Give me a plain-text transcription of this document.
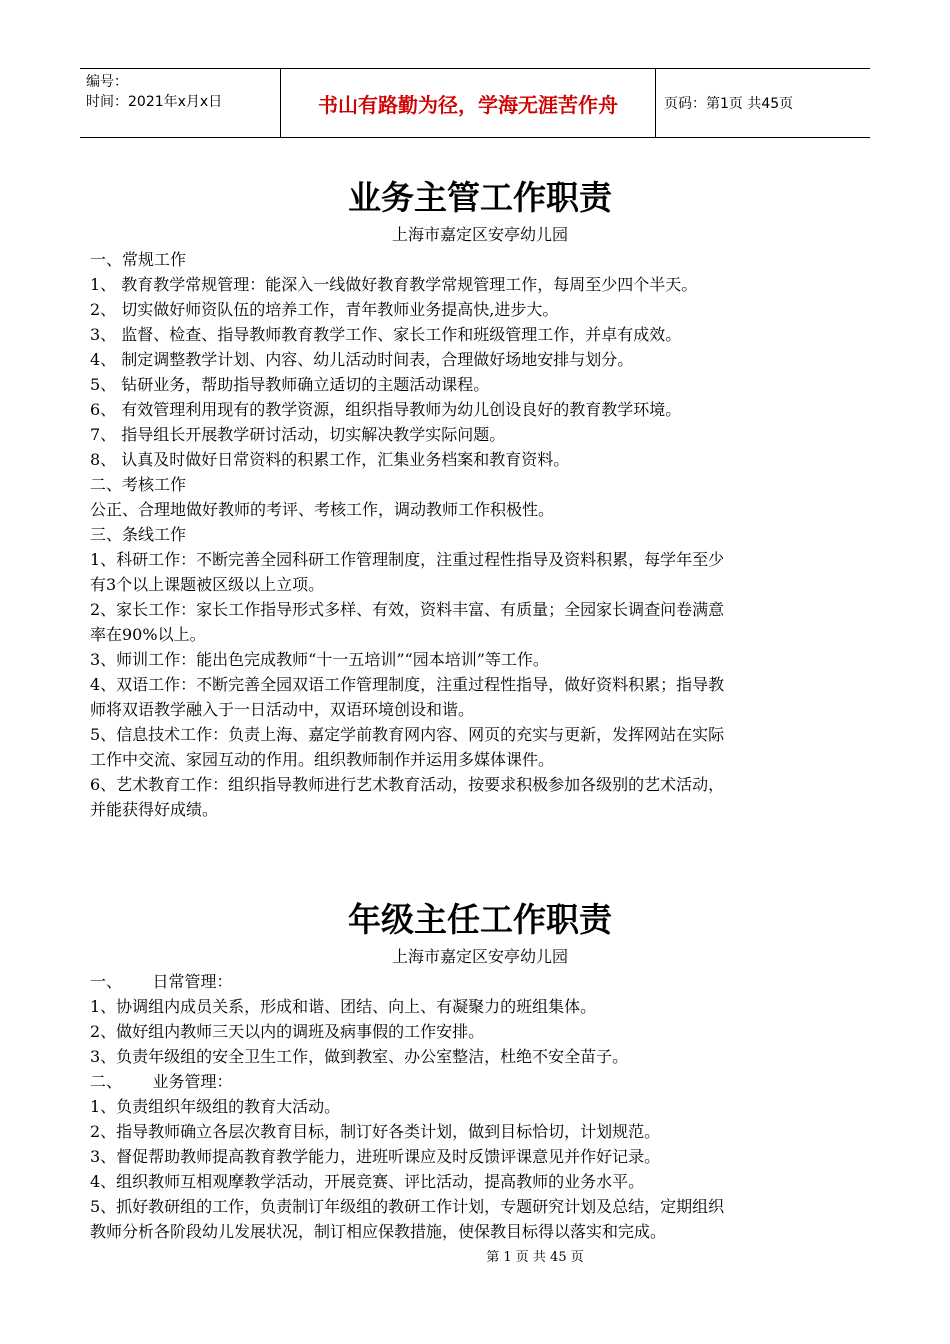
编号：
时间：2021年x月x日	书山有路勤为径，学海无涯苦作舟	页码：第1页 共45页
业务主管工作职责
上海市嘉定区安亭幼儿园
一、常规工作
1、 教育教学常规管理：能深入一线做好教育教学常规管理工作，每周至少四个半天。
2、 切实做好师资队伍的培养工作，青年教师业务提高快,进步大。
3、 监督、检查、指导教师教育教学工作、家长工作和班级管理工作，并卓有成效。
4、 制定调整教学计划、内容、幼儿活动时间表，合理做好场地安排与划分。
5、 钻研业务，帮助指导教师确立适切的主题活动课程。
6、 有效管理利用现有的教学资源，组织指导教师为幼儿创设良好的教育教学环境。
7、 指导组长开展教学研讨活动，切实解决教学实际问题。
8、 认真及时做好日常资料的积累工作，汇集业务档案和教育资料。
二、考核工作
公正、合理地做好教师的考评、考核工作，调动教师工作积极性。
三、条线工作
1、科研工作：不断完善全园科研工作管理制度，注重过程性指导及资料积累，每学年至少
有3个以上课题被区级以上立项。
2、家长工作：家长工作指导形式多样、有效，资料丰富、有质量；全园家长调查问卷满意
率在90%以上。
3、师训工作：能出色完成教师“十一五培训”“园本培训”等工作。
4、双语工作：不断完善全园双语工作管理制度，注重过程性指导，做好资料积累；指导教
师将双语教学融入于一日活动中，双语环境创设和谐。
5、信息技术工作：负责上海、嘉定学前教育网内容、网页的充实与更新，发挥网站在实际
工作中交流、家园互动的作用。组织教师制作并运用多媒体课件。
6、艺术教育工作：组织指导教师进行艺术教育活动，按要求积极参加各级别的艺术活动，
并能获得好成绩。
年级主任工作职责
上海市嘉定区安亭幼儿园
一、      日常管理：
1、协调组内成员关系，形成和谐、团结、向上、有凝聚力的班组集体。
2、做好组内教师三天以内的调班及病事假的工作安排。
3、负责年级组的安全卫生工作，做到教室、办公室整洁，杜绝不安全苗子。
二、      业务管理：
1、负责组织年级组的教育大活动。
2、指导教师确立各层次教育目标，制订好各类计划，做到目标恰切，计划规范。
3、督促帮助教师提高教育教学能力，进班听课应及时反馈评课意见并作好记录。
4、组织教师互相观摩教学活动，开展竞赛、评比活动，提高教师的业务水平。
5、抓好教研组的工作，负责制订年级组的教研工作计划，专题研究计划及总结，定期组织
教师分析各阶段幼儿发展状况，制订相应保教措施，使保教目标得以落实和完成。
第 1 页 共 45 页
